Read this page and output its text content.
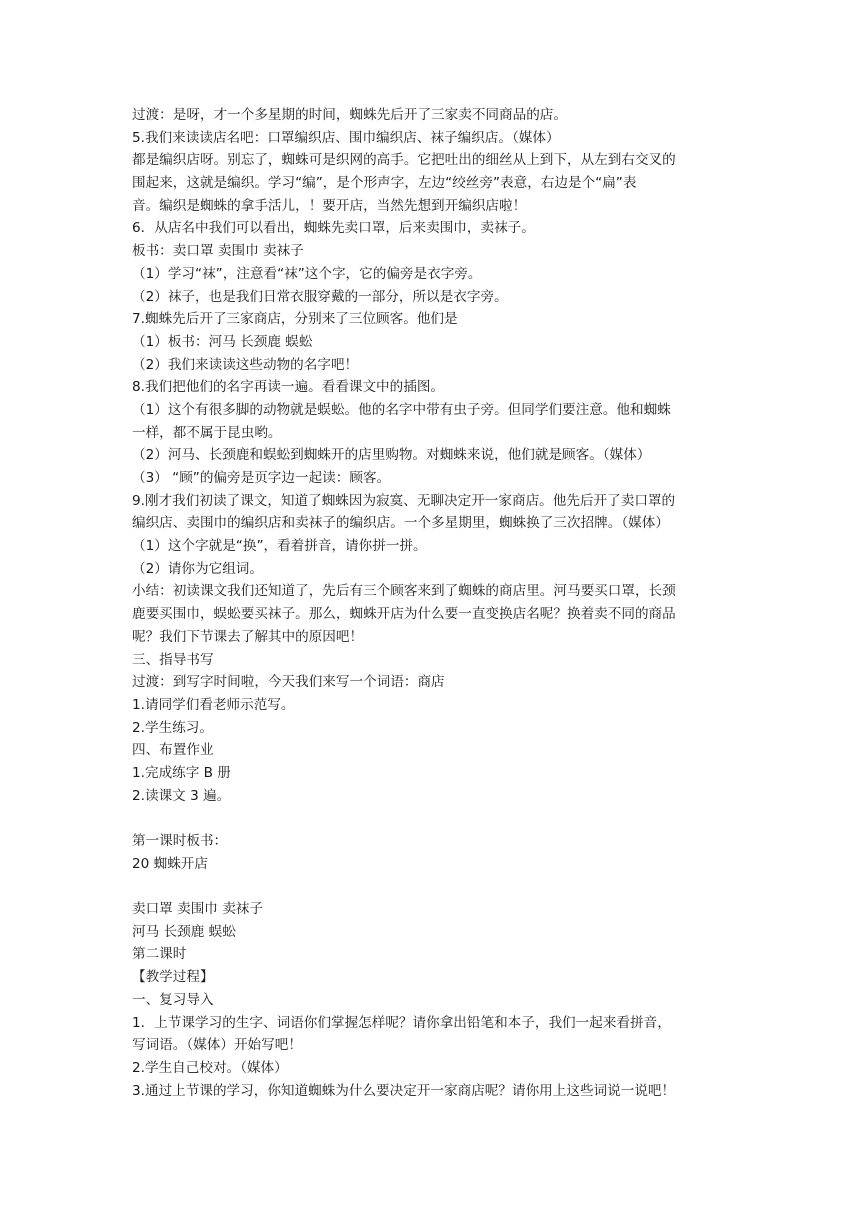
过渡：是呀，才一个多星期的时间，蜘蛛先后开了三家卖不同商品的店。
5.我们来读读店名吧：口罩编织店、围巾编织店、袜子编织店。（媒体）
都是编织店呀。别忘了，蜘蛛可是织网的高手。它把吐出的细丝从上到下，从左到右交叉的
围起来，这就是编织。学习“编”，是个形声字，左边“绞丝旁”表意，右边是个“扁”表
音。编织是蜘蛛的拿手活儿，！要开店，当然先想到开编织店啦！
6．从店名中我们可以看出，蜘蛛先卖口罩，后来卖围巾，卖袜子。
板书：卖口罩 卖围巾 卖袜子
（1）学习“袜”，注意看“袜”这个字，它的偏旁是衣字旁。
（2）袜子，也是我们日常衣服穿戴的一部分，所以是衣字旁。
7.蜘蛛先后开了三家商店，分别来了三位顾客。他们是
（1）板书：河马 长颈鹿 蜈蚣
（2）我们来读读这些动物的名字吧！
8.我们把他们的名字再读一遍。看看课文中的插图。
（1）这个有很多脚的动物就是蜈蚣。他的名字中带有虫子旁。但同学们要注意。他和蜘蛛
一样，都不属于昆虫哟。
（2）河马、长颈鹿和蜈蚣到蜘蛛开的店里购物。对蜘蛛来说，他们就是顾客。（媒体）
（3） “顾”的偏旁是页字边一起读：顾客。
9.刚才我们初读了课文，知道了蜘蛛因为寂寞、无聊决定开一家商店。他先后开了卖口罩的
编织店、卖围巾的编织店和卖袜子的编织店。一个多星期里，蜘蛛换了三次招牌。（媒体）
（1）这个字就是“换”，看着拼音，请你拼一拼。
（2）请你为它组词。
小结：初读课文我们还知道了，先后有三个顾客来到了蜘蛛的商店里。河马要买口罩，长颈
鹿要买围巾，蜈蚣要买袜子。那么，蜘蛛开店为什么要一直变换店名呢？换着卖不同的商品
呢？我们下节课去了解其中的原因吧！
三、指导书写
过渡：到写字时间啦，今天我们来写一个词语：商店
1.请同学们看老师示范写。
2.学生练习。
四、布置作业
1.完成练字 B 册
2.读课文 3 遍。
第一课时板书：
20 蜘蛛开店
卖口罩 卖围巾 卖袜子
河马 长颈鹿 蜈蚣
第二课时
【教学过程】
一、复习导入
1．上节课学习的生字、词语你们掌握怎样呢？请你拿出铅笔和本子，我们一起来看拼音，
写词语。（媒体）开始写吧！
2.学生自己校对。（媒体）
3.通过上节课的学习，你知道蜘蛛为什么要决定开一家商店呢？请你用上这些词说一说吧！
